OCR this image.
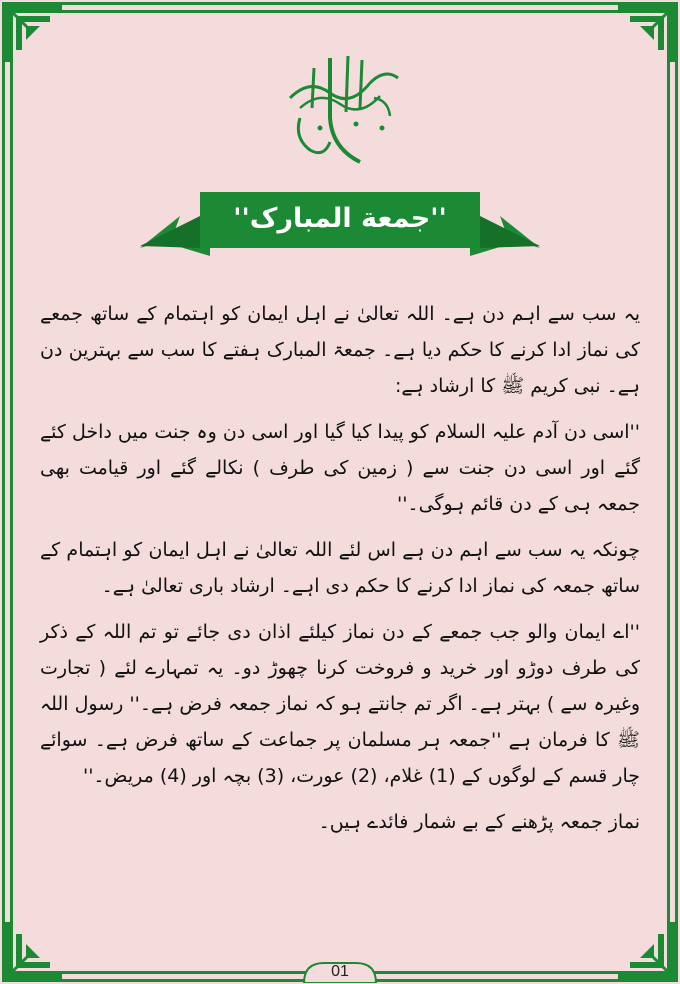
''جمعة المبارک''

یہ سب سے اہم دن ہے۔ اللہ تعالیٰ نے اہل ایمان کو اہتمام کے ساتھ جمعے کی نماز ادا کرنے کا حکم دیا ہے۔ جمعۃ المبارک ہفتے کا سب سے بہترین دن ہے۔ نبی کریم ﷺ کا ارشاد ہے:

''اسی دن آدم علیہ السلام کو پیدا کیا گیا اور اسی دن وہ جنت میں داخل کئے گئے اور اسی دن جنت سے ( زمین کی طرف ) نکالے گئے اور قیامت بھی جمعہ ہی کے دن قائم ہوگی۔''

چونکہ یہ سب سے اہم دن ہے اس لئے اللہ تعالیٰ نے اہل ایمان کو اہتمام کے ساتھ جمعہ کی نماز ادا کرنے کا حکم دی اہے۔ ارشاد باری تعالیٰ ہے۔

''اے ایمان والو جب جمعے کے دن نماز کیلئے اذان دی جائے تو تم اللہ کے ذکر کی طرف دوڑو اور خرید و فروخت کرنا چھوڑ دو۔ یہ تمہارے لئے ( تجارت وغیرہ سے ) بہتر ہے۔ اگر تم جانتے ہو کہ نماز جمعہ فرض ہے۔'' رسول اللہ ﷺ کا فرمان ہے ''جمعہ ہر مسلمان پر جماعت کے ساتھ فرض ہے۔ سوائے چار قسم کے لوگوں کے (1) غلام، (2) عورت، (3) بچہ اور (4) مریض۔''

نماز جمعہ پڑھنے کے بے شمار فائدے ہیں۔

01
